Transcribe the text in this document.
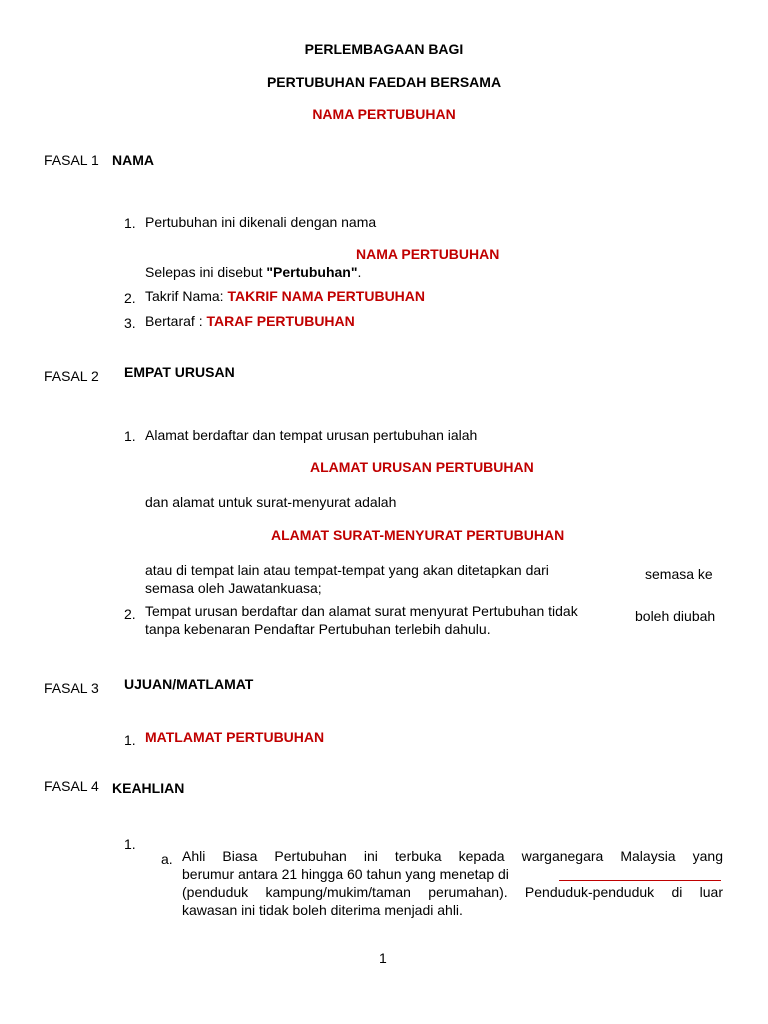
PERLEMBAGAAN BAGI
PERTUBUHAN FAEDAH BERSAMA
NAMA PERTUBUHAN
FASAL 1 NAMA
1. Pertubuhan ini dikenali dengan nama
NAMA PERTUBUHAN
Selepas ini disebut "Pertubuhan".
2. Takrif Nama: TAKRIF NAMA PERTUBUHAN
3. Bertaraf : TARAF PERTUBUHAN
FASAL 2 EMPAT URUSAN
1. Alamat berdaftar dan tempat urusan pertubuhan ialah
ALAMAT URUSAN PERTUBUHAN
dan alamat untuk surat-menyurat adalah
ALAMAT SURAT-MENYURAT PERTUBUHAN
atau di tempat lain atau tempat-tempat yang akan ditetapkan dari	semasa ke
semasa oleh Jawatankuasa;
2. Tempat urusan berdaftar dan alamat surat menyurat Pertubuhan tidak	boleh diubah
tanpa kebenaran Pendaftar Pertubuhan terlebih dahulu.
FASAL 3 UJUAN/MATLAMAT
1. MATLAMAT PERTUBUHAN
FASAL 4 KEAHLIAN
1.
a. Ahli Biasa Pertubuhan ini terbuka kepada warganegara Malaysia yang
berumur antara 21 hingga 60 tahun yang menetap di
(penduduk kampung/mukim/taman perumahan). Penduduk-penduduk di luar
kawasan ini tidak boleh diterima menjadi ahli.
1
